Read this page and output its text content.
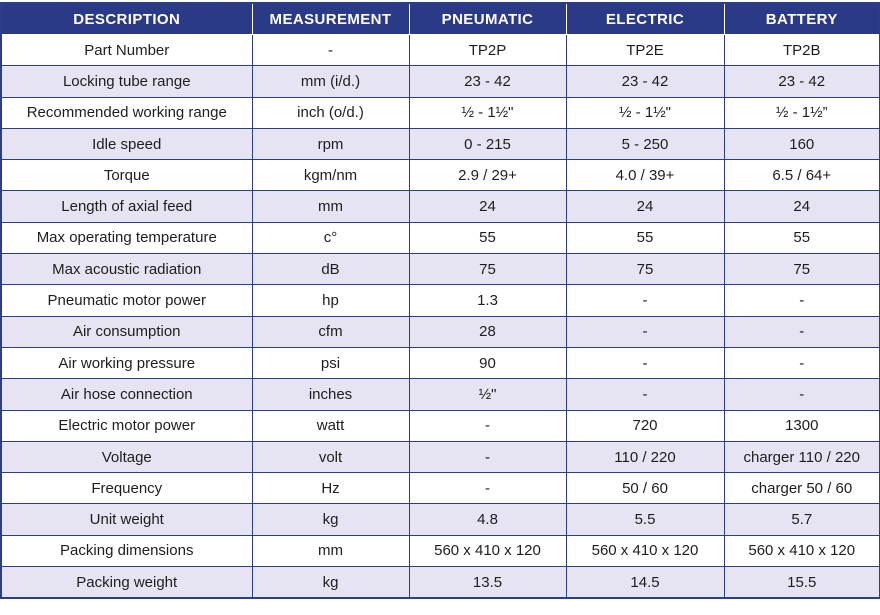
DESCRIPTION	MEASUREMENT	PNEUMATIC	ELECTRIC	BATTERY
Part Number	-	TP2P	TP2E	TP2B
Locking tube range	mm (i/d.)	23 - 42	23 - 42	23 - 42
Recommended working range	inch (o/d.)	½ - 1½"	½ - 1½"	½ - 1½”
Idle speed	rpm	0 - 215	5 - 250	160
Torque	kgm/nm	2.9 / 29+	4.0 / 39+	6.5 / 64+
Length of axial feed	mm	24	24	24
Max operating temperature	c°	55	55	55
Max acoustic radiation	dB	75	75	75
Pneumatic motor power	hp	1.3	-	-
Air consumption	cfm	28	-	-
Air working pressure	psi	90	-	-
Air hose connection	inches	½"	-	-
Electric motor power	watt	-	720	1300
Voltage	volt	-	110 / 220	charger 110 / 220
Frequency	Hz	-	50 / 60	charger 50 / 60
Unit weight	kg	4.8	5.5	5.7
Packing dimensions	mm	560 x 410 x 120	560 x 410 x 120	560 x 410 x 120
Packing weight	kg	13.5	14.5	15.5
